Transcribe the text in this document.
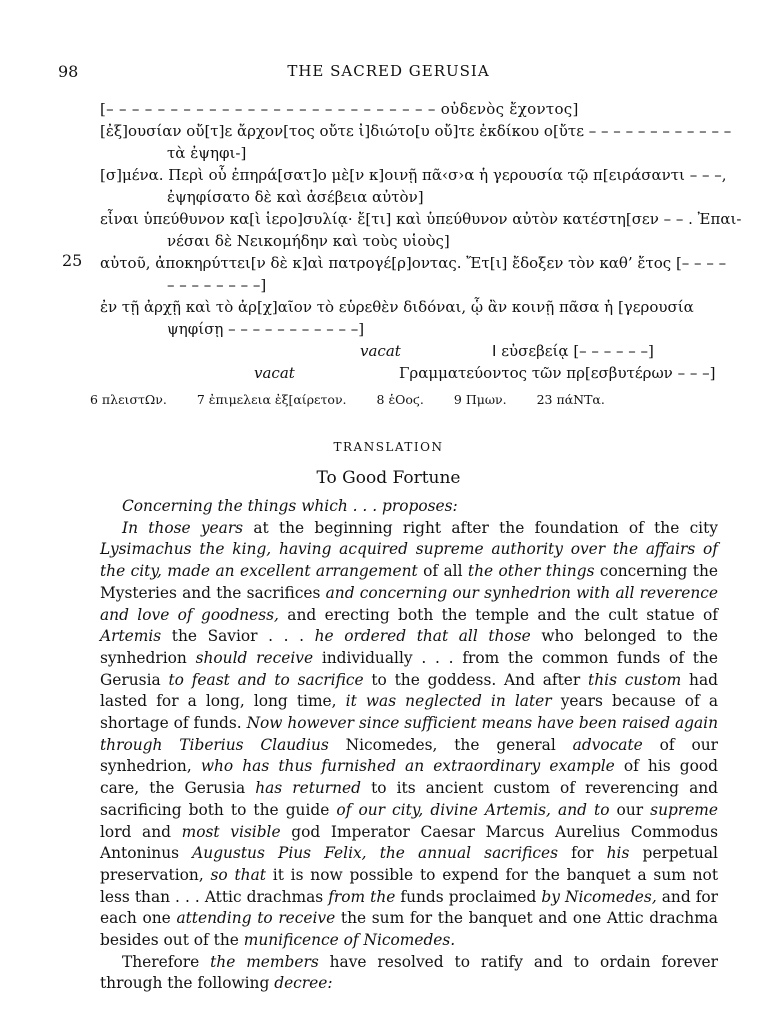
98	THE SACRED GERUSIA
[– – – – – – – – – – – – – – – – – – – – – – – – – – οὐδενὸς ἔχοντος]
[ἐξ]ουσίαν οὔ[τ]ε ἄρχον[τος οὔτε ἰ]διώτο[υ οὔ]τε ἐκδίκου ο[ὔτε – – – – – – – – – – – –
τὰ ἐψηφι-]
[σ]μένα. Περὶ οὗ ἐπηρά[σατ]ο μὲ[ν κ]οινῇ πᾶ‹σ›α ἡ γερουσία τῷ π[ειράσαντι – – –,
ἐψηφίσατο δὲ καὶ ἀσέβεια αὐτὸν]
εἶναι ὑπεύθυνον κα[ὶ ἱερο]συλίᾳ· ἔ[τι] καὶ ὑπεύθυνον αὐτὸν κατέστη[σεν – – . Ἐπαι-
νέσαι δὲ Νεικομήδην καὶ τοὺς υἱοὺς]
25 αὐτοῦ, ἀποκηρύττει[ν δὲ κ]αὶ πατρογέ[ρ]οντας. Ἔτ[ι] ἔδοξεν τὸν καθ’ ἔτος [– – – –
– – – – – – – –]
ἐν τῇ ἀρχῇ καὶ τὸ ἀρ[χ]αῖον τὸ εὑρεθὲν διδόναι, ᾧ ἂν κοινῇ πᾶσα ἡ [γερουσία
ψηφίσῃ – – – – – – – – – – –]
vacat	ⵏ εὐσεβείᾳ [– – – – – –]
vacat	Γραμματεύοντος τῶν πρ[εσβυτέρων – – –]
6 πλειστΩν. 7 ἐπιμελεια ἐξ[αίρετον. 8 ἑΟοϛ. 9 Πμων. 23 πάΝΤα.
TRANSLATION
To Good Fortune

Concerning the things which . . . proposes:

In those years at the beginning right after the foundation of the city Lysimachus the king, having acquired supreme authority over the affairs of the city, made an excellent arrangement of all the other things concerning the Mysteries and the sacrifices and concerning our synhedrion with all reverence and love of goodness, and erecting both the temple and the cult statue of Artemis the Savior . . . he ordered that all those who belonged to the synhedrion should receive individually . . . from the common funds of the Gerusia to feast and to sacrifice to the goddess. And after this custom had lasted for a long, long time, it was neglected in later years because of a shortage of funds. Now however since sufficient means have been raised again through Tiberius Claudius Nicomedes, the general advocate of our synhedrion, who has thus furnished an extraordinary example of his good care, the Gerusia has returned to its ancient custom of reverencing and sacrificing both to the guide of our city, divine Artemis, and to our supreme lord and most visible god Imperator Caesar Marcus Aurelius Commodus Antoninus Augustus Pius Felix, the annual sacrifices for his perpetual preservation, so that it is now possible to expend for the banquet a sum not less than . . . Attic drachmas from the funds proclaimed by Nicomedes, and for each one attending to receive the sum for the banquet and one Attic drachma besides out of the munificence of Nicomedes.

Therefore the members have resolved to ratify and to ordain forever through the following decree:
